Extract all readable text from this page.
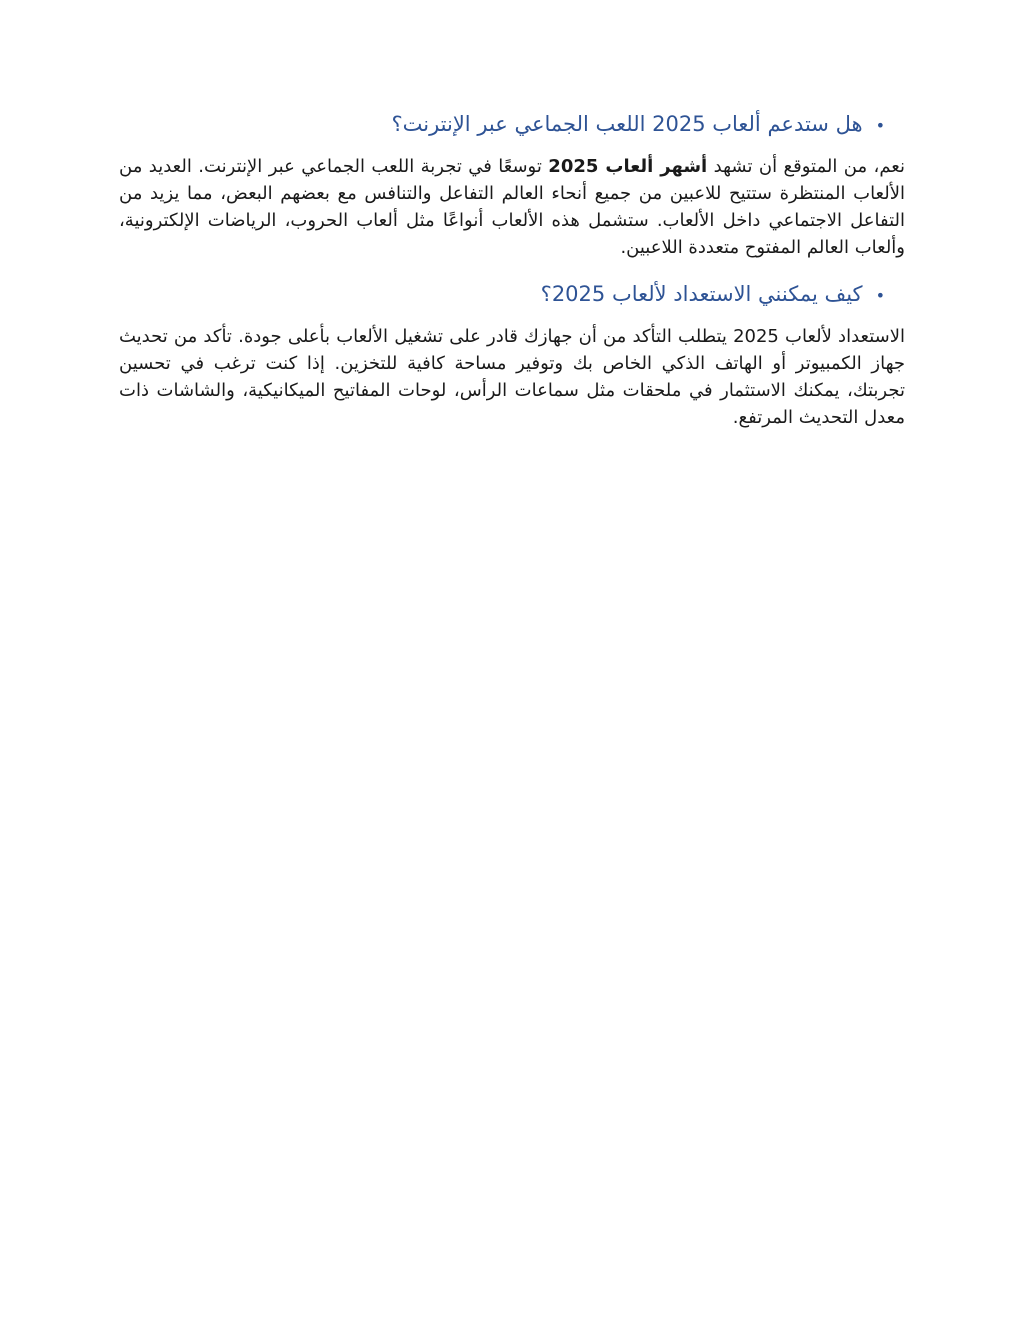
•
هل ستدعم ألعاب 2025 اللعب الجماعي عبر الإنترنت؟

نعم، من المتوقع أن تشهد أشهر ألعاب 2025 توسعًا في تجربة اللعب الجماعي عبر الإنترنت. العديد من الألعاب المنتظرة ستتيح للاعبين من جميع أنحاء العالم التفاعل والتنافس مع بعضهم البعض، مما يزيد من التفاعل الاجتماعي داخل الألعاب. ستشمل هذه الألعاب أنواعًا مثل ألعاب الحروب، الرياضات الإلكترونية، وألعاب العالم المفتوح متعددة اللاعبين.

•
كيف يمكنني الاستعداد لألعاب 2025؟

الاستعداد لألعاب 2025 يتطلب التأكد من أن جهازك قادر على تشغيل الألعاب بأعلى جودة. تأكد من تحديث جهاز الكمبيوتر أو الهاتف الذكي الخاص بك وتوفير مساحة كافية للتخزين. إذا كنت ترغب في تحسين تجربتك، يمكنك الاستثمار في ملحقات مثل سماعات الرأس، لوحات المفاتيح الميكانيكية، والشاشات ذات معدل التحديث المرتفع.
